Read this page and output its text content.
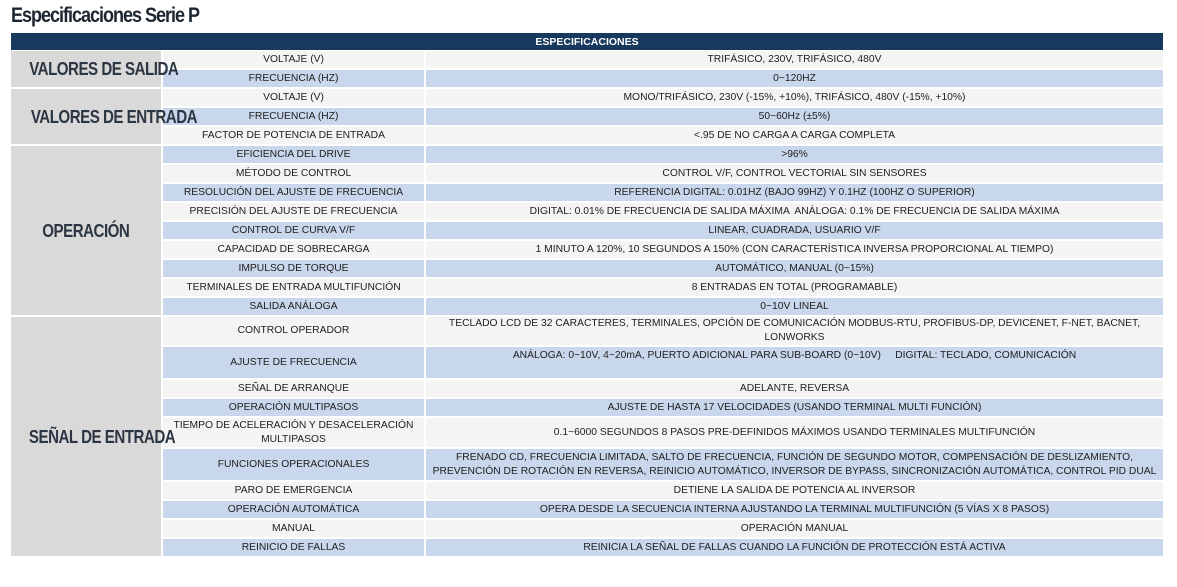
Especificaciones Serie P
ESPECIFICACIONES		
VALORES DE SALIDA	VOLTAJE (V)	TRIFÁSICO, 230V, TRIFÁSICO, 480V
	FRECUENCIA (HZ)	0~120HZ
VALORES DE ENTRADA	VOLTAJE (V)	MONO/TRIFÁSICO, 230V (-15%, +10%), TRIFÁSICO, 480V (-15%, +10%)
	FRECUENCIA (HZ)	50~60Hz (±5%)
	FACTOR DE POTENCIA DE ENTRADA	<.95 DE NO CARGA A CARGA COMPLETA
OPERACIÓN	EFICIENCIA DEL DRIVE	>96%
	MÉTODO DE CONTROL	CONTROL V/F, CONTROL VECTORIAL SIN SENSORES
	RESOLUCIÓN DEL AJUSTE DE FRECUENCIA	REFERENCIA DIGITAL: 0.01HZ (BAJO 99HZ) Y 0.1HZ (100HZ O SUPERIOR)
	PRECISIÓN DEL AJUSTE DE FRECUENCIA	DIGITAL: 0.01% DE FRECUENCIA DE SALIDA MÁXIMA  ANÁLOGA: 0.1% DE FRECUENCIA DE SALIDA MÁXIMA
	CONTROL DE CURVA V/F	LINEAR, CUADRADA, USUARIO V/F
	CAPACIDAD DE SOBRECARGA	1 MINUTO A 120%, 10 SEGUNDOS A 150% (CON CARACTERÍSTICA INVERSA PROPORCIONAL AL TIEMPO)
	IMPULSO DE TORQUE	AUTOMÁTICO, MANUAL (0~15%)
	TERMINALES DE ENTRADA MULTIFUNCIÓN	8 ENTRADAS EN TOTAL (PROGRAMABLE)
	SALIDA ANÁLOGA	0~10V LINEAL
SEÑAL DE ENTRADA	CONTROL OPERADOR	TECLADO LCD DE 32 CARACTERES, TERMINALES, OPCIÓN DE COMUNICACIÓN MODBUS-RTU, PROFIBUS-DP, DEVICENET, F-NET, BACNET, LONWORKS
	AJUSTE DE FRECUENCIA	ANÁLOGA: 0~10V, 4~20mA, PUERTO ADICIONAL PARA SUB-BOARD (0~10V)     DIGITAL: TECLADO, COMUNICACIÓN
	SEÑAL DE ARRANQUE	ADELANTE, REVERSA
	OPERACIÓN MULTIPASOS	AJUSTE DE HASTA 17 VELOCIDADES (USANDO TERMINAL MULTI FUNCIÓN)
	TIEMPO DE ACELERACIÓN Y DESACELERACIÓN MULTIPASOS	0.1~6000 SEGUNDOS 8 PASOS PRE-DEFINIDOS MÁXIMOS USANDO TERMINALES MULTIFUNCIÓN
	FUNCIONES OPERACIONALES	FRENADO CD, FRECUENCIA LIMITADA, SALTO DE FRECUENCIA, FUNCIÓN DE SEGUNDO MOTOR, COMPENSACIÓN DE DESLIZAMIENTO, PREVENCIÓN DE ROTACIÓN EN REVERSA, REINICIO AUTOMÁTICO, INVERSOR DE BYPASS, SINCRONIZACIÓN AUTOMÁTICA, CONTROL PID DUAL
	PARO DE EMERGENCIA	DETIENE LA SALIDA DE POTENCIA AL INVERSOR
	OPERACIÓN AUTOMÁTICA	OPERA DESDE LA SECUENCIA INTERNA AJUSTANDO LA TERMINAL MULTIFUNCIÓN (5 VÍAS X 8 PASOS)
	MANUAL	OPERACIÓN MANUAL
	REINICIO DE FALLAS	REINICIA LA SEÑAL DE FALLAS CUANDO LA FUNCIÓN DE PROTECCIÓN ESTÁ ACTIVA
